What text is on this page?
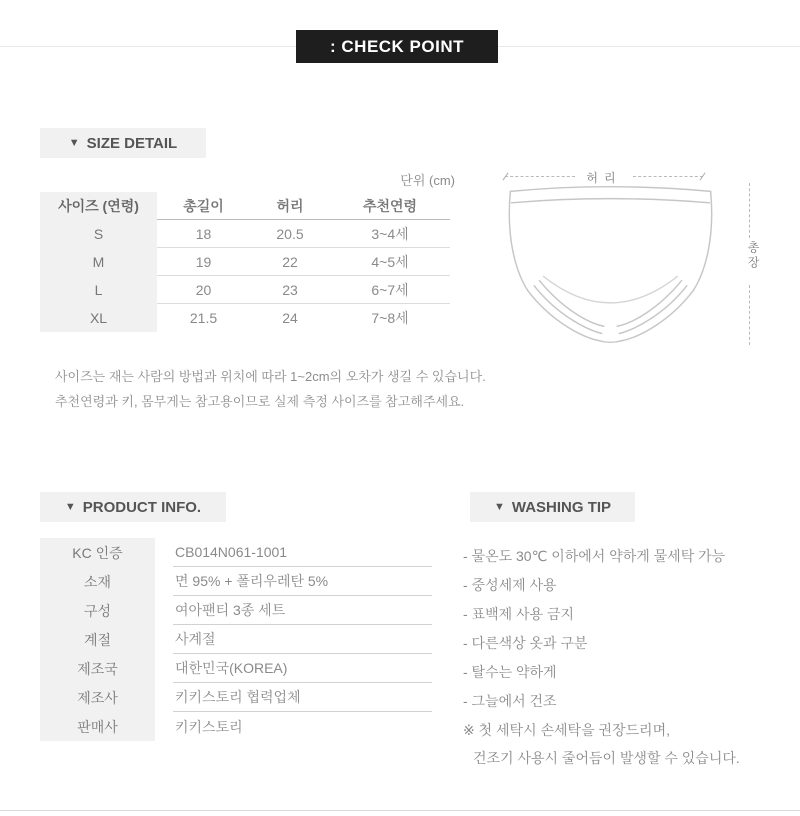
: CHECK POINT
▼ SIZE DETAIL
단위 (cm)
사이즈 (연령)	총길이	허리	추천연령
S	18	20.5	3~4세
M	19	22	4~5세
L	20	23	6~7세
XL	21.5	24	7~8세
사이즈는 재는 사람의 방법과 위치에 따라 1~2cm의 오차가 생길 수 있습니다.
추천연령과 키, 몸무게는 참고용이므로 실제 측정 사이즈를 참고해주세요.
허리
총장
▼ PRODUCT INFO.
KC 인증	CB014N061-1001
소재	면 95% + 폴리우레탄 5%
구성	여아팬티 3종 세트
계절	사계절
제조국	대한민국(KOREA)
제조사	키키스토리 협력업체
판매사	키키스토리
▼ WASHING TIP
- 물온도 30℃ 이하에서 약하게 물세탁 가능
- 중성세제 사용
- 표백제 사용 금지
- 다른색상 옷과 구분
- 탈수는 약하게
- 그늘에서 건조
※ 첫 세탁시 손세탁을 권장드리며,
건조기 사용시 줄어듬이 발생할 수 있습니다.
